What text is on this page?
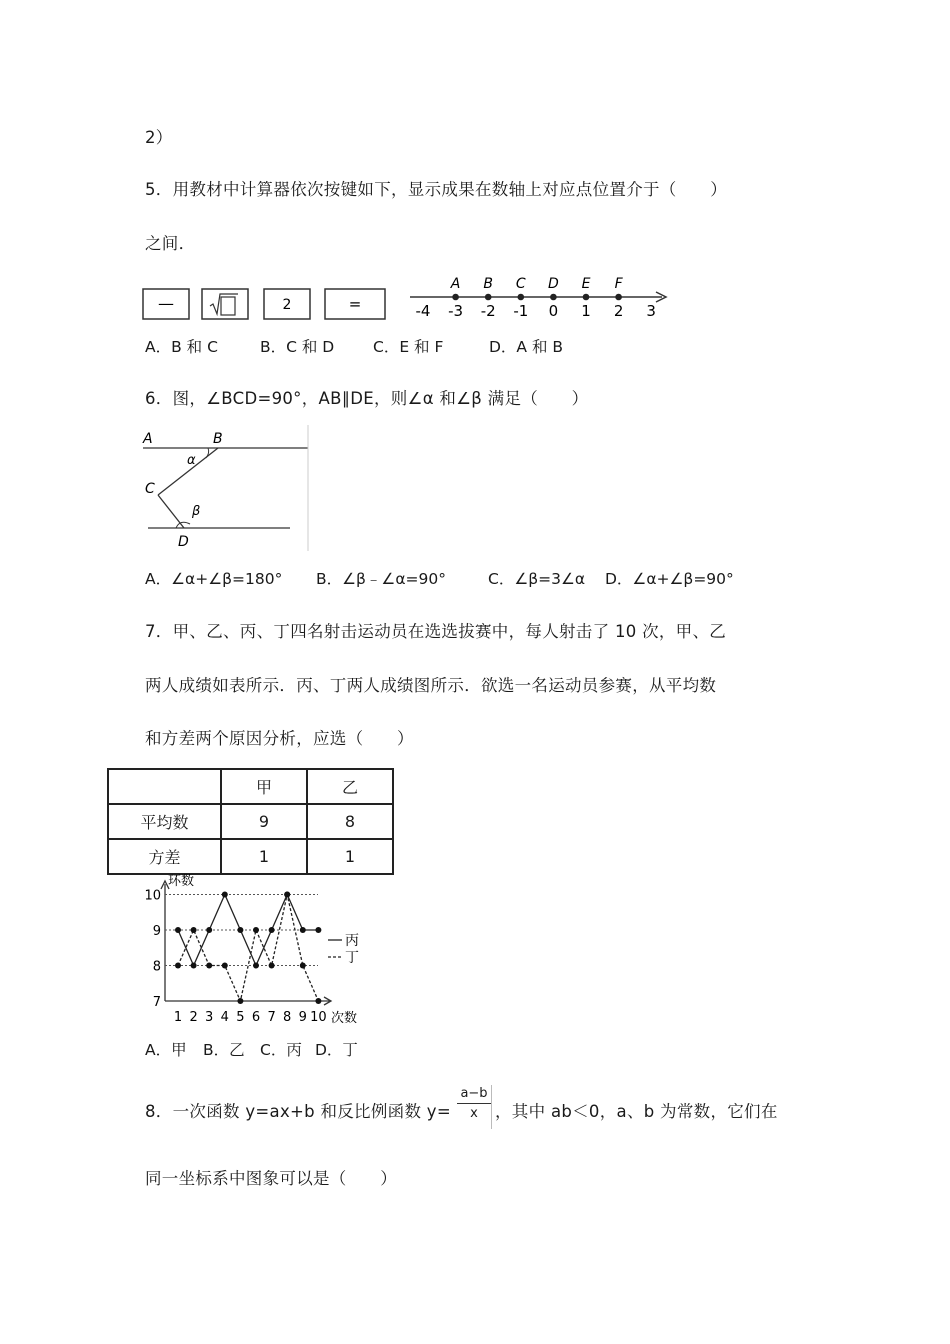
2）
5．用教材中计算器依次按键如下，显示成果在数轴上对应点位置介于（　　）
之间．
—	2	=	-4 -3 -2 -1 0 1 2 3
A B C D E F
A．B 和 C	B．C 和 D	C．E 和 F	D．A 和 B
6．图，∠BCD=90°，AB∥DE，则∠α 和∠β 满足（　　）
A	B
C
D
α
β
A．∠α+∠β=180° B．∠β﹣∠α=90°	C．∠β=3∠α D．∠α+∠β=90°
7．甲、乙、丙、丁四名射击运动员在选选拔赛中，每人射击了 10 次，甲、乙
两人成绩如表所示．丙、丁两人成绩图所示．欲选一名运动员参赛，从平均数
和方差两个原因分析，应选（　　）
	甲	乙
平均数	9	8
方差	1	1
环数
次数
7
8
9
10
1 2 3 4 5 6 7 8 9 10
丙
丁
A．甲 B．乙 C．丙 D．丁
8．一次函数 y=ax+b 和反比例函数 $y= \frac{a-b}{x}$ ，其中 ab＜0，a、b 为常数，它们在
同一坐标系中图象可以是（　　）
